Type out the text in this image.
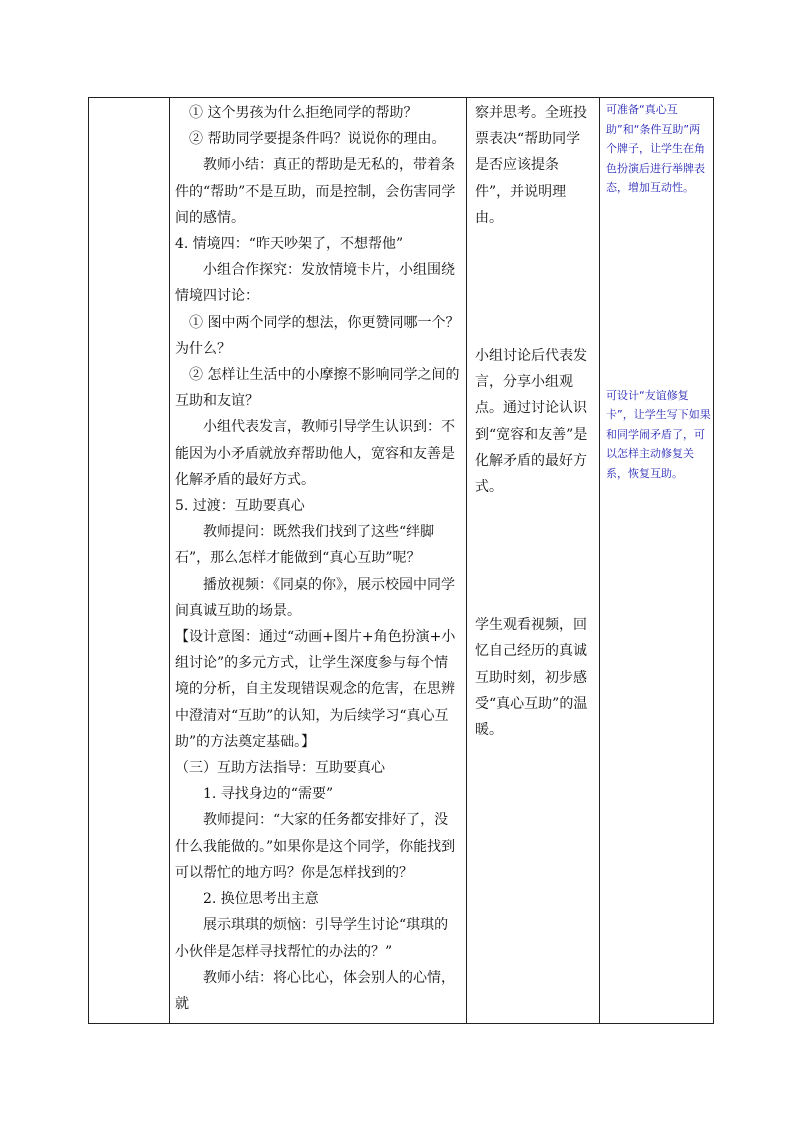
① 这个男孩为什么拒绝同学的帮助？

② 帮助同学要提条件吗？说说你的理由。

教师小结：真正的帮助是无私的，带着条件的“帮助”不是互助，而是控制，会伤害同学间的感情。

4. 情境四：“昨天吵架了，不想帮他”

小组合作探究：发放情境卡片，小组围绕情境四讨论：

① 图中两个同学的想法，你更赞同哪一个？为什么？

② 怎样让生活中的小摩擦不影响同学之间的互助和友谊？

小组代表发言，教师引导学生认识到：不能因为小矛盾就放弃帮助他人，宽容和友善是化解矛盾的最好方式。

5. 过渡：互助要真心

教师提问：既然我们找到了这些“绊脚石”，那么怎样才能做到“真心互助”呢？

播放视频：《同桌的你》，展示校园中同学间真诚互助的场景。

【设计意图：通过“动画+图片+角色扮演+小组讨论”的多元方式，让学生深度参与每个情境的分析，自主发现错误观念的危害，在思辨中澄清对“互助”的认知，为后续学习“真心互助”的方法奠定基础。】

（三）互助方法指导：互助要真心

1. 寻找身边的“需要”

教师提问：“大家的任务都安排好了，没什么我能做的。”如果你是这个同学，你能找到可以帮忙的地方吗？你是怎样找到的？

2. 换位思考出主意

展示琪琪的烦恼：引导学生讨论“琪琪的小伙伴是怎样寻找帮忙的办法的？”

教师小结：将心比心，体会别人的心情，就

察并思考。全班投票表决“帮助同学是否应该提条件”，并说明理由。

小组讨论后代表发言，分享小组观点。通过讨论认识到“宽容和友善”是化解矛盾的最好方式。

学生观看视频，回忆自己经历的真诚互助时刻，初步感受“真心互助”的温暖。

可准备“真心互助”和“条件互助”两个牌子，让学生在角色扮演后进行举牌表态，增加互动性。

可设计“友谊修复卡”，让学生写下如果和同学闹矛盾了，可以怎样主动修复关系，恢复互助。
